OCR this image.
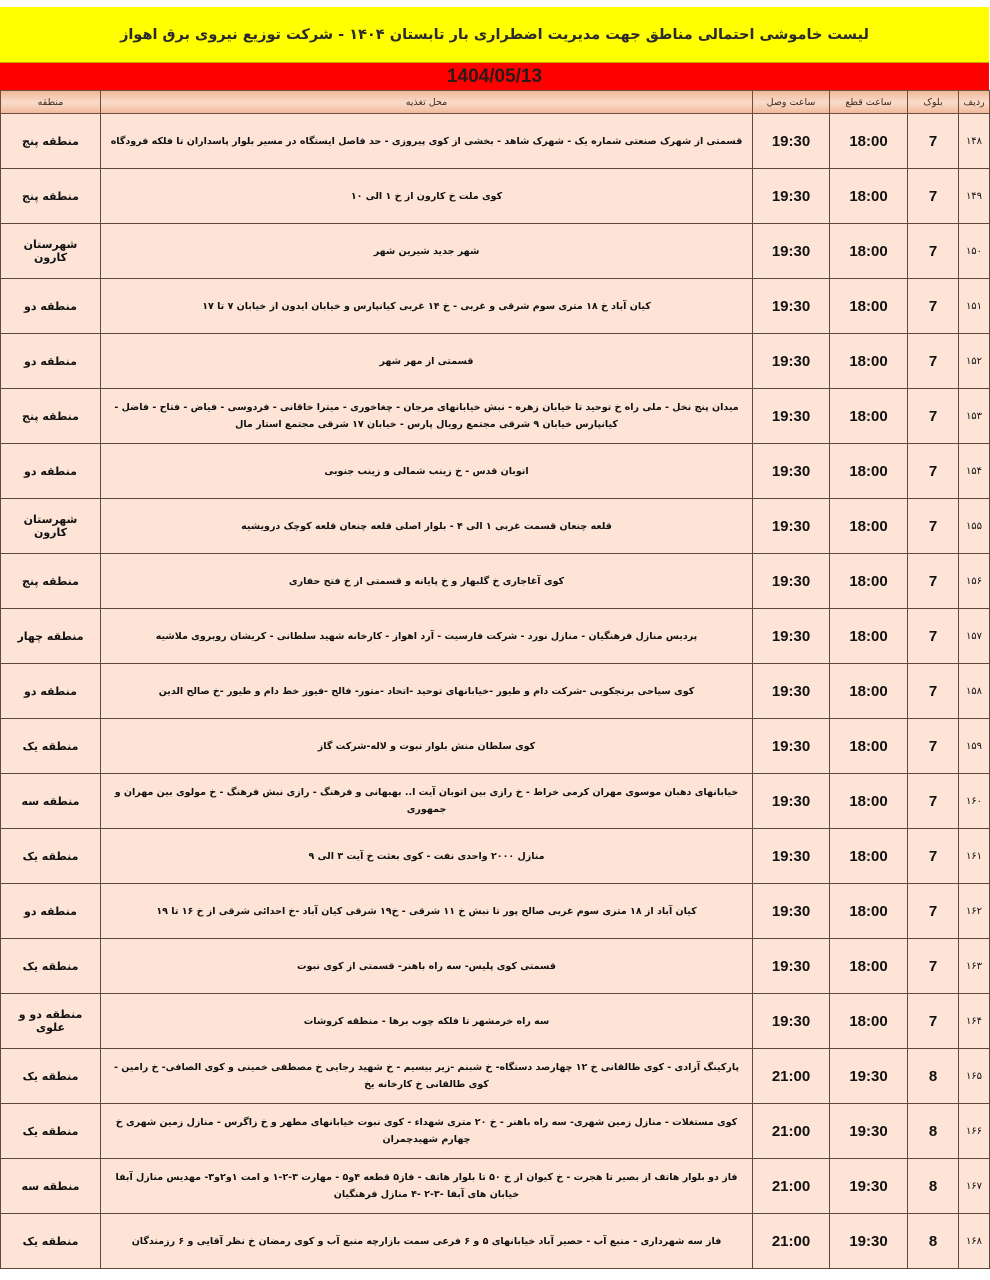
لیست خاموشی احتمالی مناطق جهت مدیریت اضطراری بار تابستان ۱۴۰۴ - شرکت توزیع نیروی برق اهواز
1404/05/13
ردیف	بلوک	ساعت قطع	ساعت وصل	محل تغذیه	منطقه
۱۴۸	7	18:00	19:30	قسمتی از شهرک صنعتی شماره یک - شهرک شاهد - بخشی از کوی پیروزی - حد فاصل ایستگاه در مسیر بلوار پاسداران تا فلکه فرودگاه	منطقه پنج
۱۴۹	7	18:00	19:30	کوی ملت خ کارون از خ ۱ الی ۱۰	منطقه پنج
۱۵۰	7	18:00	19:30	شهر جدید شیرین شهر	شهرستان کارون
۱۵۱	7	18:00	19:30	کیان آباد خ ۱۸ متری سوم شرقی و غربی - خ ۱۴ غربی کیانپارس و خیابان ایدون از خیابان ۷ تا ۱۷	منطقه دو
۱۵۲	7	18:00	19:30	قسمتی از مهر شهر	منطقه دو
۱۵۳	7	18:00	19:30	میدان پنج نخل - ملی راه خ توحید تا خیابان زهره - نبش خیابانهای مرجان - چغاخوری - میترا خاقانی - فردوسی - فیاض - فتاح - فاضل - کیانپارس خیابان ۹ شرقی مجتمع رویال پارس - خیابان ۱۷ شرقی مجتمع استار مال	منطقه پنج
۱۵۴	7	18:00	19:30	اتوبان قدس - خ زینب شمالی و زینب جنوبی	منطقه دو
۱۵۵	7	18:00	19:30	قلعه چنعان قسمت غربی ۱ الی ۴ - بلوار اصلی قلعه چنعان قلعه کوچک درویشیه	شهرستان کارون
۱۵۶	7	18:00	19:30	کوی آغاجاری خ گلبهار و خ پایانه و قسمتی از خ فتح حفاری	منطقه پنج
۱۵۷	7	18:00	19:30	پردیس منازل فرهنگیان - منازل نورد - شرکت فارسیت - آرد اهواز - کارخانه شهید سلطانی - کریشان روبروی ملاشیه	منطقه چهار
۱۵۸	7	18:00	19:30	کوی سیاحی برنجکوبی -شرکت دام و طیور -خیابانهای توحید -اتحاد -متور- فالح -فیوز خط دام و طیور -خ صالح الدین	منطقه دو
۱۵۹	7	18:00	19:30	کوی سلطان منش بلوار نبوت و لاله-شرکت گاز	منطقه یک
۱۶۰	7	18:00	19:30	خیابانهای دهبان موسوی مهران کرمی خراط - خ رازی بین اتوبان آیت ا.. بهبهانی و فرهنگ - رازی نبش فرهنگ - خ مولوی بین مهران و جمهوری	منطقه سه
۱۶۱	7	18:00	19:30	منازل ۲۰۰۰ واحدی نفت - کوی بعثت خ آیت ۳ الی ۹	منطقه یک
۱۶۲	7	18:00	19:30	کیان آباد از ۱۸ متری سوم غربی صالح پور تا نبش خ ۱۱ شرقی - خ۱۹ شرقی کیان آباد -خ احدائی شرقی از خ ۱۶ تا ۱۹	منطقه دو
۱۶۳	7	18:00	19:30	قسمتی کوی پلیس- سه راه باهنر- قسمتی از کوی نبوت	منطقه یک
۱۶۴	7	18:00	19:30	سه راه خرمشهر تا فلکه چوب برها - منطقه کروشات	منطقه دو و علوی
۱۶۵	8	19:30	21:00	پارکینگ آزادی - کوی طالقانی خ ۱۲ چهارصد دستگاه- خ شبنم -زیر بیسیم - خ شهید رجایی خ مصطفی خمینی و کوی الصافی- خ رامین - کوی طالقانی خ کارخانه یخ	منطقه یک
۱۶۶	8	19:30	21:00	کوی مستغلات - منازل زمین شهری- سه راه باهنر - خ ۲۰ متری شهداء - کوی نبوت خیابانهای مطهر و خ زاگرس - منازل زمین شهری خ چهارم شهیدچمران	منطقه یک
۱۶۷	8	19:30	21:00	فاز دو بلوار هاتف از بصیر تا هجرت - خ کیوان از خ ۵۰ تا بلوار هاتف - فاز۵ قطعه ۴و۵ - مهارت ۳-۲-۱ و امت ۱و۲و۳- مهدیس منازل آبفا خیابان های آبفا -۳-۲ -۴ منازل فرهنگیان	منطقه سه
۱۶۸	8	19:30	21:00	فاز سه شهرداری - منبع آب - حصیر آباد خیابانهای ۵ و ۶ فرعی سمت بازارچه منبع آب و کوی رمضان خ نظر آقایی و ۶ رزمندگان	منطقه یک
